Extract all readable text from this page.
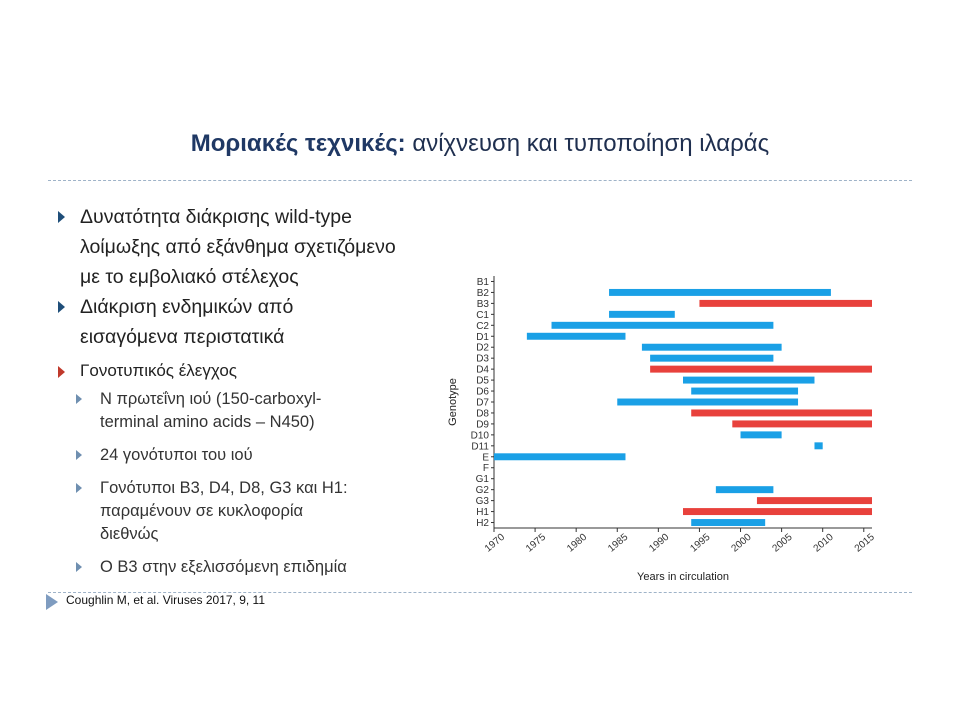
Μοριακές τεχνικές: ανίχνευση και τυποποίηση ιλαράς
Δυνατότητα διάκρισης wild-type
λοίμωξης από εξάνθημα σχετιζόμενο
με το εμβολιακό στέλεχος
Διάκριση ενδημικών από
εισαγόμενα περιστατικά
Γονοτυπικός έλεγχος
N πρωτεΐνη ιού (150-carboxyl-
terminal amino acids – N450)
24 γονότυποι του ιού
Γονότυποι B3, D4, D8, G3 και H1:
παραμένουν σε κυκλοφορία
διεθνώς
O B3 στην εξελισσόμενη επιδημία
B1
B2
B3
C1
C2
D1
D2
D3
D4
D5
D6
D7
D8
D9
D10
D11
E
F
G1
G2
G3
H1
H2
1970 1975 1980 1985 1990 1995 2000 2005 2010 2015
Years in circulation
Genotype
Coughlin M, et al. Viruses 2017, 9, 11
